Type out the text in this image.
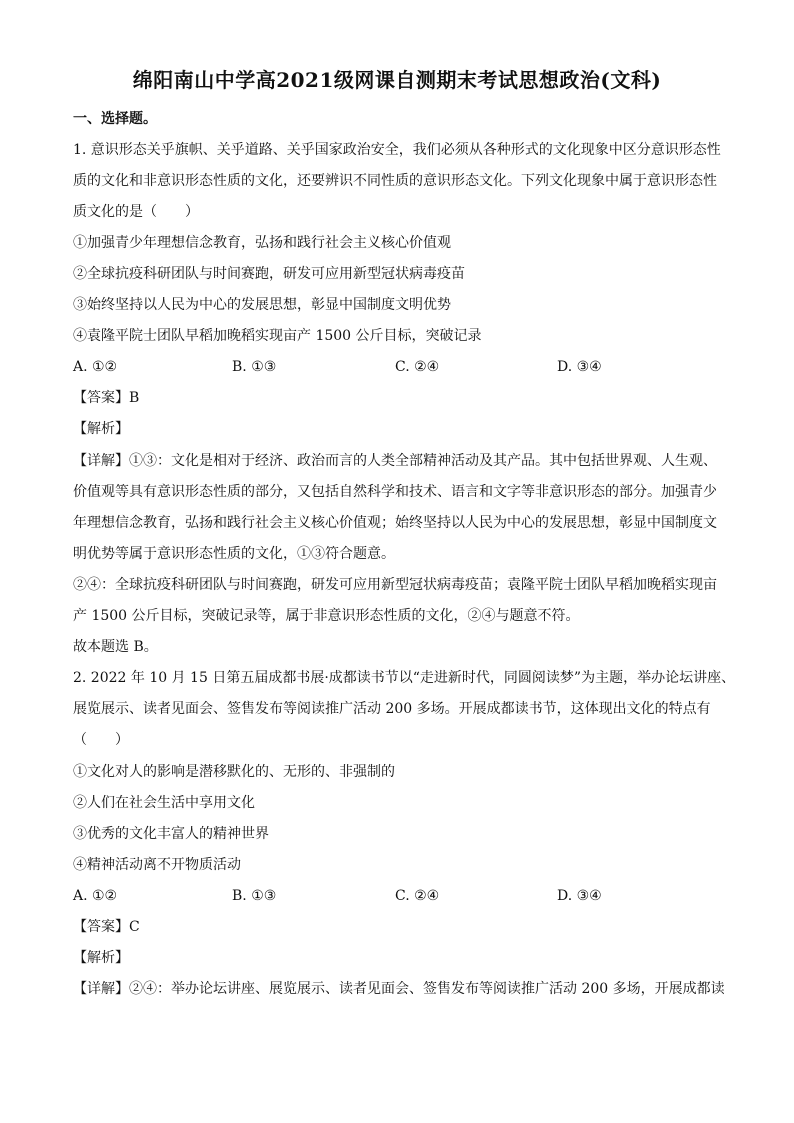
绵阳南山中学高2021级网课自测期末考试思想政治(文科)
一、选择题。
1. 意识形态关乎旗帜、关乎道路、关乎国家政治安全，我们必须从各种形式的文化现象中区分意识形态性
质的文化和非意识形态性质的文化，还要辨识不同性质的意识形态文化。下列文化现象中属于意识形态性
质文化的是（　　）
①加强青少年理想信念教育，弘扬和践行社会主义核心价值观
②全球抗疫科研团队与时间赛跑，研发可应用新型冠状病毒疫苗
③始终坚持以人民为中心的发展思想，彰显中国制度文明优势
④袁隆平院士团队早稻加晚稻实现亩产 1500 公斤目标，突破记录
A. ①②	B. ①③	C. ②④	D. ③④
【答案】B
【解析】
【详解】①③：文化是相对于经济、政治而言的人类全部精神活动及其产品。其中包括世界观、人生观、
价值观等具有意识形态性质的部分，又包括自然科学和技术、语言和文字等非意识形态的部分。加强青少
年理想信念教育，弘扬和践行社会主义核心价值观；始终坚持以人民为中心的发展思想，彰显中国制度文
明优势等属于意识形态性质的文化，①③符合题意。
②④：全球抗疫科研团队与时间赛跑，研发可应用新型冠状病毒疫苗；袁隆平院士团队早稻加晚稻实现亩
产 1500 公斤目标，突破记录等，属于非意识形态性质的文化，②④与题意不符。
故本题选 B。
2. 2022 年 10 月 15 日第五届成都书展·成都读书节以“走进新时代，同圆阅读梦”为主题，举办论坛讲座、
展览展示、读者见面会、签售发布等阅读推广活动 200 多场。开展成都读书节，这体现出文化的特点有
（　　）
①文化对人的影响是潜移默化的、无形的、非强制的
②人们在社会生活中享用文化
③优秀的文化丰富人的精神世界
④精神活动离不开物质活动
A. ①②	B. ①③	C. ②④	D. ③④
【答案】C
【解析】
【详解】②④：举办论坛讲座、展览展示、读者见面会、签售发布等阅读推广活动 200 多场，开展成都读
